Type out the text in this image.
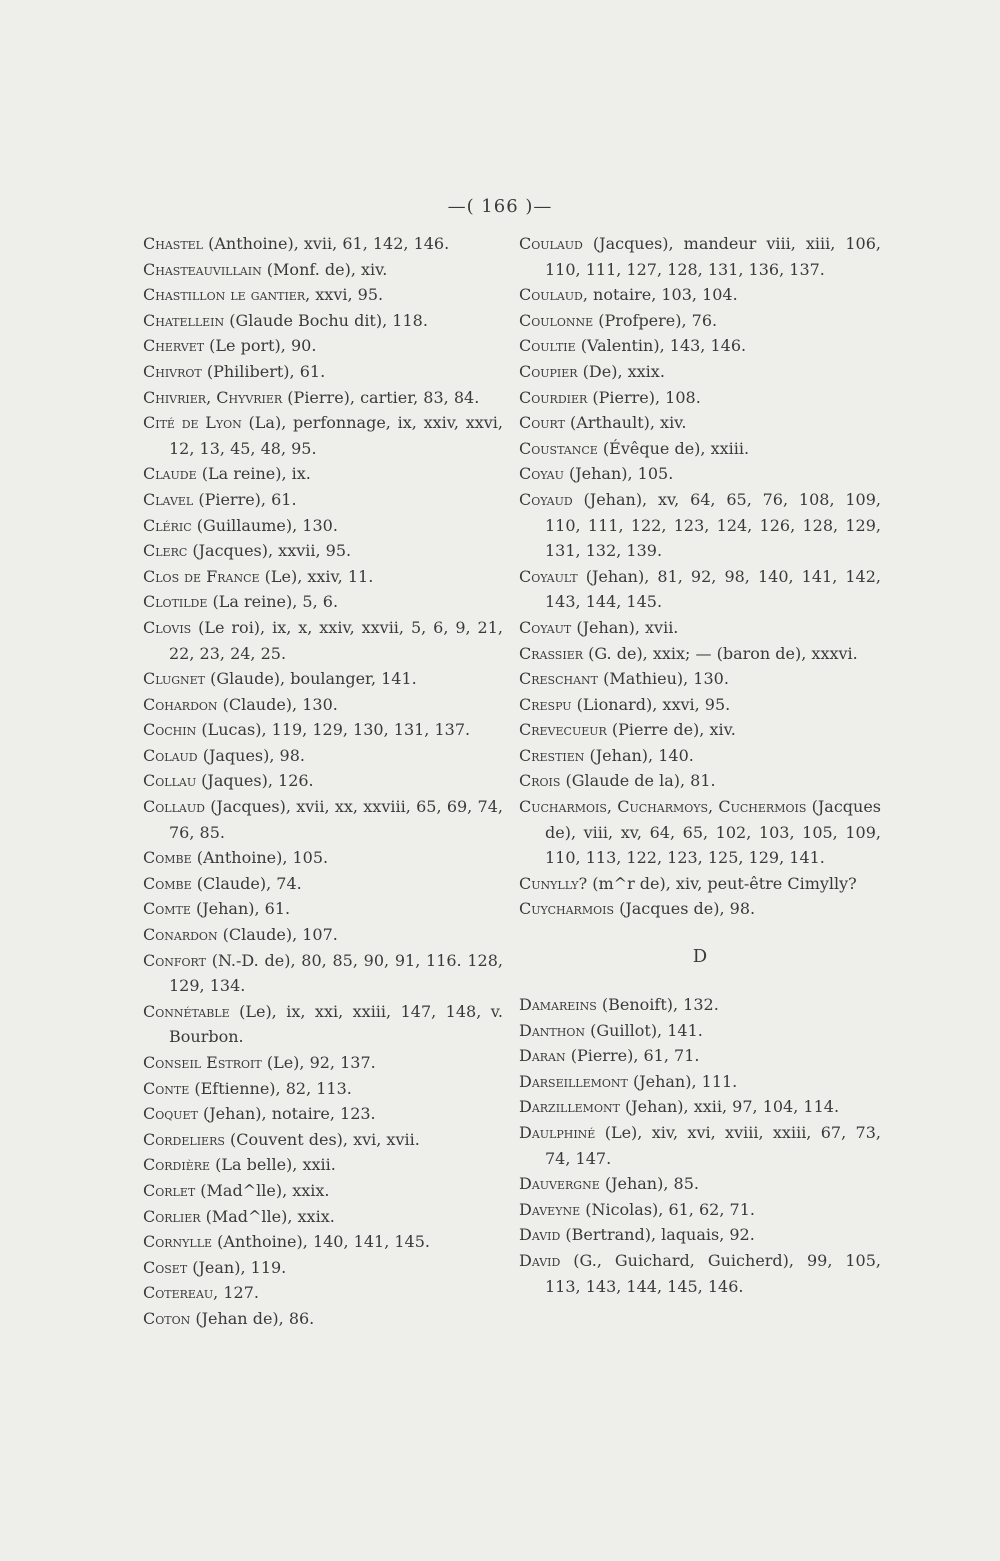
—( 166 )—
Chastel (Anthoine), xvii, 61, 142, 146.
Chasteauvillain (Monf. de), xiv.
Chastillon le gantier, xxvi, 95.
Chatellein (Glaude Bochu dit), 118.
Chervet (Le port), 90.
Chivrot (Philibert), 61.
Chivrier, Chyvrier (Pierre), cartier, 83, 84.
Cité de Lyon (La), perfonnage, ix, xxiv, xxvi, 12, 13, 45, 48, 95.
Claude (La reine), ix.
Clavel (Pierre), 61.
Cléric (Guillaume), 130.
Clerc (Jacques), xxvii, 95.
Clos de France (Le), xxiv, 11.
Clotilde (La reine), 5, 6.
Clovis (Le roi), ix, x, xxiv, xxvii, 5, 6, 9, 21, 22, 23, 24, 25.
Clugnet (Glaude), boulanger, 141.
Cohardon (Claude), 130.
Cochin (Lucas), 119, 129, 130, 131, 137.
Colaud (Jaques), 98.
Collau (Jaques), 126.
Collaud (Jacques), xvii, xx, xxviii, 65, 69, 74, 76, 85.
Combe (Anthoine), 105.
Combe (Claude), 74.
Comte (Jehan), 61.
Conardon (Claude), 107.
Confort (N.-D. de), 80, 85, 90, 91, 116. 128, 129, 134.
Connétable (Le), ix, xxi, xxiii, 147, 148, v. Bourbon.
Conseil Estroit (Le), 92, 137.
Conte (Eftienne), 82, 113.
Coquet (Jehan), notaire, 123.
Cordeliers (Couvent des), xvi, xvii.
Cordière (La belle), xxii.
Corlet (Mad^lle), xxix.
Corlier (Mad^lle), xxix.
Cornylle (Anthoine), 140, 141, 145.
Coset (Jean), 119.
Cotereau, 127.
Coton (Jehan de), 86.
Coulaud (Jacques), mandeur viii, xiii, 106, 110, 111, 127, 128, 131, 136, 137.
Coulaud, notaire, 103, 104.
Coulonne (Profpere), 76.
Coultie (Valentin), 143, 146.
Coupier (De), xxix.
Courdier (Pierre), 108.
Court (Arthault), xiv.
Coustance (Évêque de), xxiii.
Coyau (Jehan), 105.
Coyaud (Jehan), xv, 64, 65, 76, 108, 109, 110, 111, 122, 123, 124, 126, 128, 129, 131, 132, 139.
Coyault (Jehan), 81, 92, 98, 140, 141, 142, 143, 144, 145.
Coyaut (Jehan), xvii.
Crassier (G. de), xxix; — (baron de), xxxvi.
Creschant (Mathieu), 130.
Crespu (Lionard), xxvi, 95.
Crevecueur (Pierre de), xiv.
Crestien (Jehan), 140.
Crois (Glaude de la), 81.
Cucharmois, Cucharmoys, Cuchermois (Jacques de), viii, xv, 64, 65, 102, 103, 105, 109, 110, 113, 122, 123, 125, 129, 141.
Cunylly? (m^r de), xiv, peut-être Cimylly?
Cuycharmois (Jacques de), 98.
D
Damareins (Benoift), 132.
Danthon (Guillot), 141.
Daran (Pierre), 61, 71.
Darseillemont (Jehan), 111.
Darzillemont (Jehan), xxii, 97, 104, 114.
Daulphiné (Le), xiv, xvi, xviii, xxiii, 67, 73, 74, 147.
Dauvergne (Jehan), 85.
Daveyne (Nicolas), 61, 62, 71.
David (Bertrand), laquais, 92.
David (G., Guichard, Guicherd), 99, 105, 113, 143, 144, 145, 146.
